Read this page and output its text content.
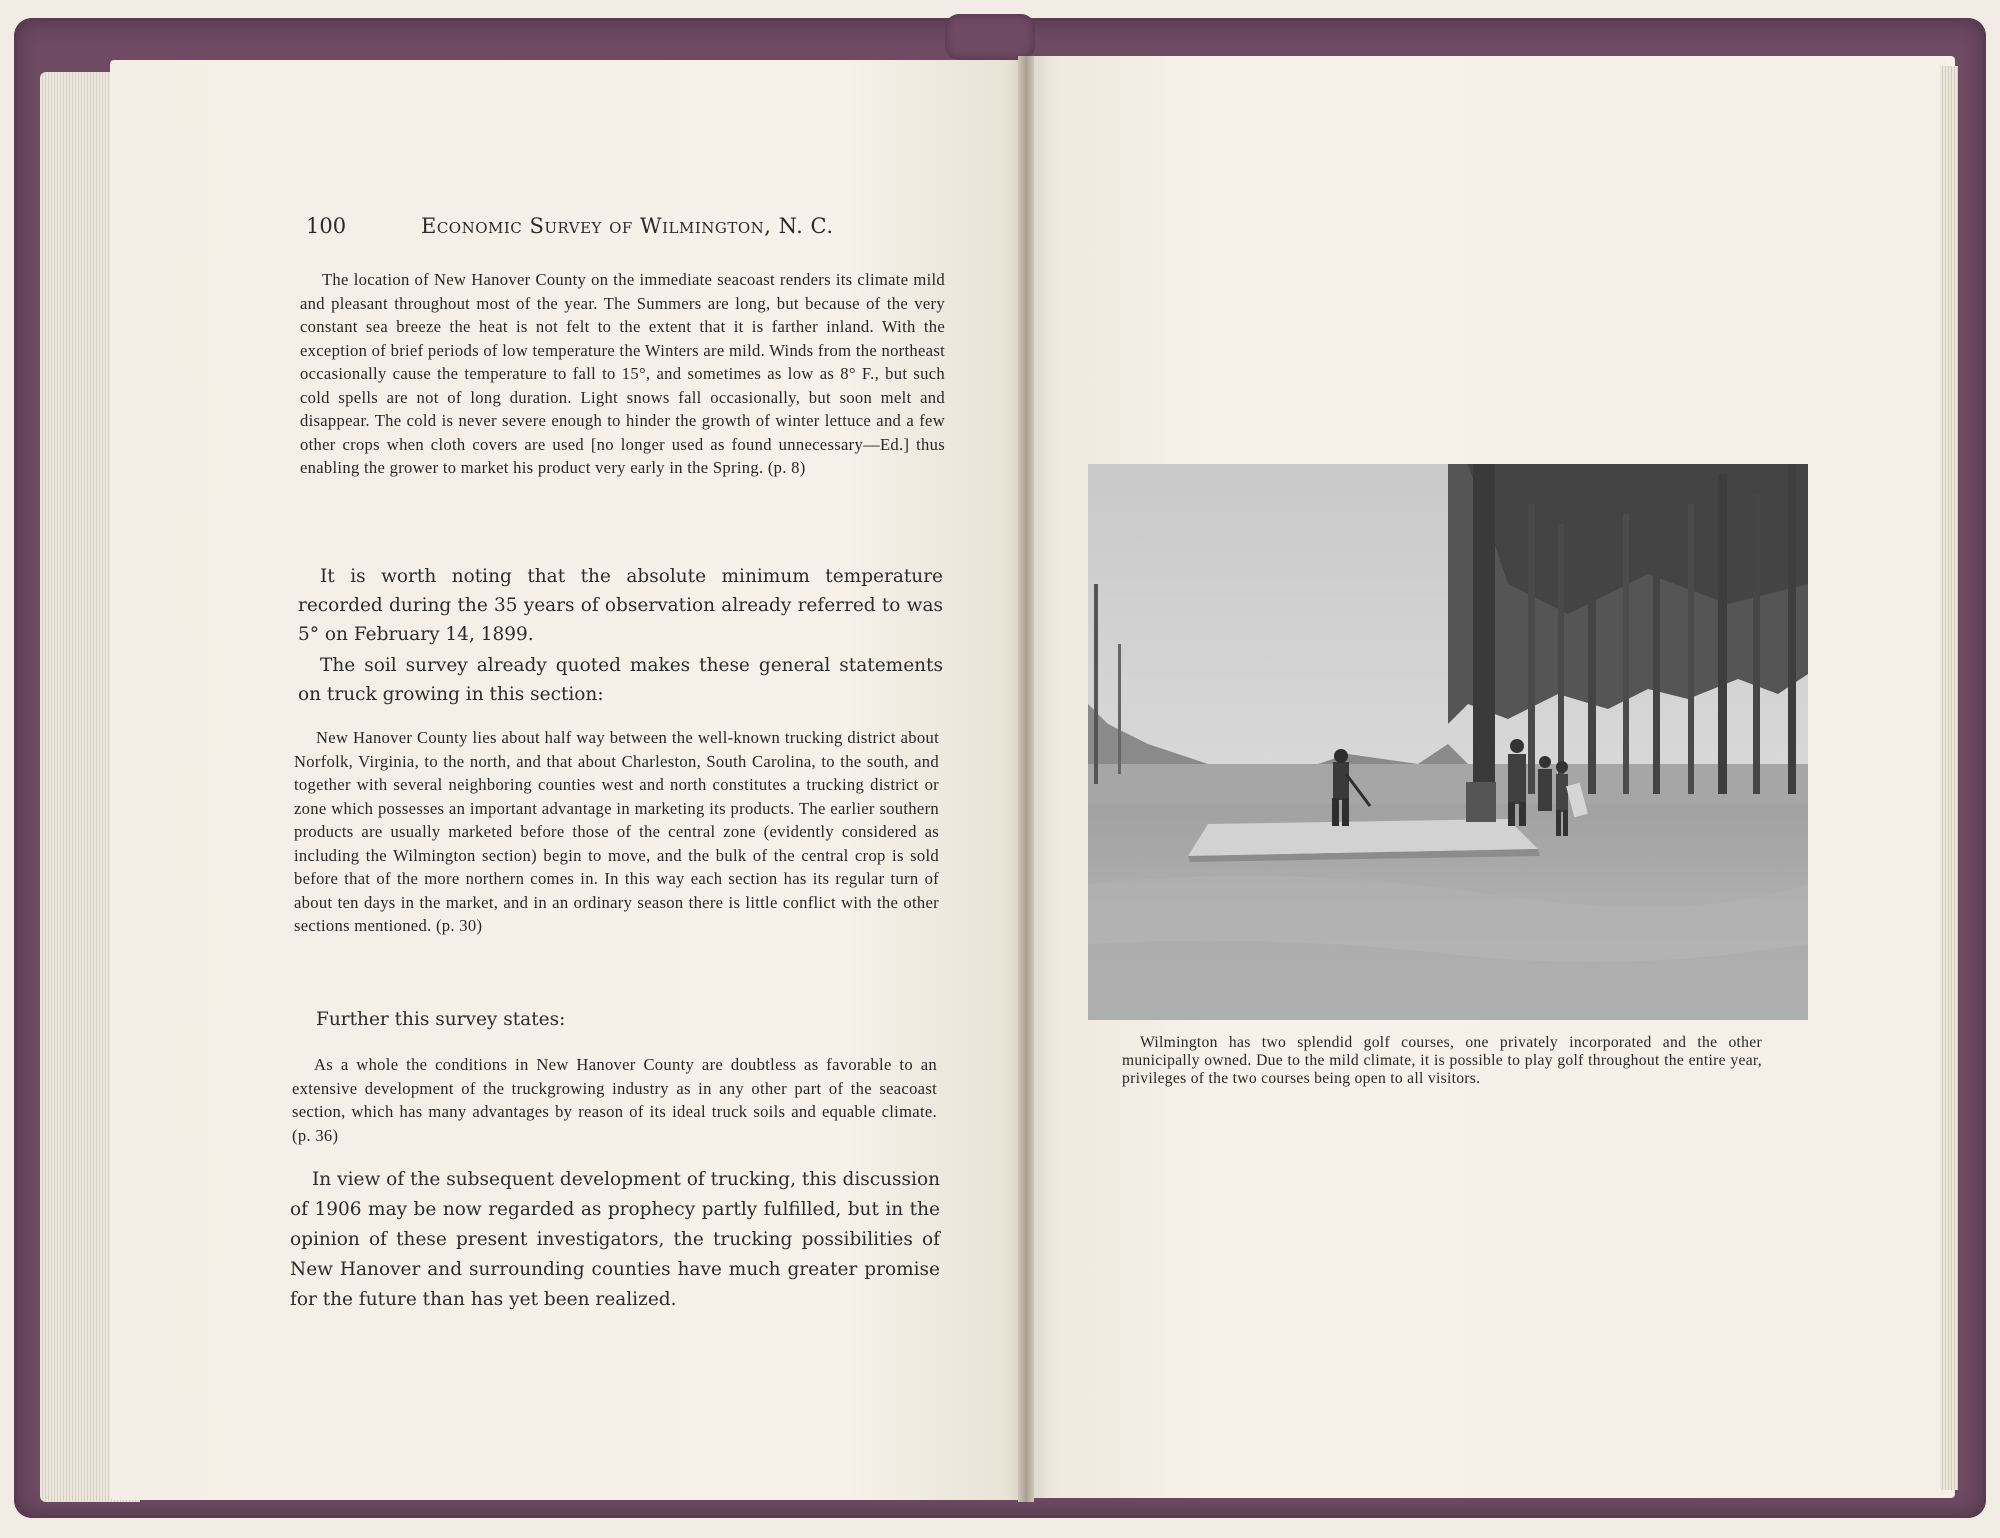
100	Economic Survey of Wilmington, N. C.

The location of New Hanover County on the immediate seacoast renders its climate mild and pleasant throughout most of the year. The Summers are long, but because of the very constant sea breeze the heat is not felt to the extent that it is farther inland. With the exception of brief periods of low temperature the Winters are mild. Winds from the northeast occasionally cause the temperature to fall to 15°, and sometimes as low as 8° F., but such cold spells are not of long duration. Light snows fall occasionally, but soon melt and disappear. The cold is never severe enough to hinder the growth of winter lettuce and a few other crops when cloth covers are used [no longer used as found unnecessary—Ed.] thus enabling the grower to market his product very early in the Spring. (p. 8)

It is worth noting that the absolute minimum temperature recorded during the 35 years of observation already referred to was 5° on February 14, 1899.

The soil survey already quoted makes these general statements on truck growing in this section:

New Hanover County lies about half way between the well-known trucking district about Norfolk, Virginia, to the north, and that about Charleston, South Carolina, to the south, and together with several neighboring counties west and north constitutes a trucking district or zone which possesses an important advantage in marketing its products. The earlier southern products are usually marketed before those of the central zone (evidently considered as including the Wilmington section) begin to move, and the bulk of the central crop is sold before that of the more northern comes in. In this way each section has its regular turn of about ten days in the market, and in an ordinary season there is little conflict with the other sections mentioned. (p. 30)

Further this survey states:

As a whole the conditions in New Hanover County are doubtless as favorable to an extensive development of the truckgrowing industry as in any other part of the seacoast section, which has many advantages by reason of its ideal truck soils and equable climate. (p. 36)

In view of the subsequent development of trucking, this discussion of 1906 may be now regarded as prophecy partly fulfilled, but in the opinion of these present investigators, the trucking possibilities of New Hanover and surrounding counties have much greater promise for the future than has yet been realized.

Wilmington has two splendid golf courses, one privately incorporated and the other municipally owned. Due to the mild climate, it is possible to play golf throughout the entire year, privileges of the two courses being open to all visitors.
